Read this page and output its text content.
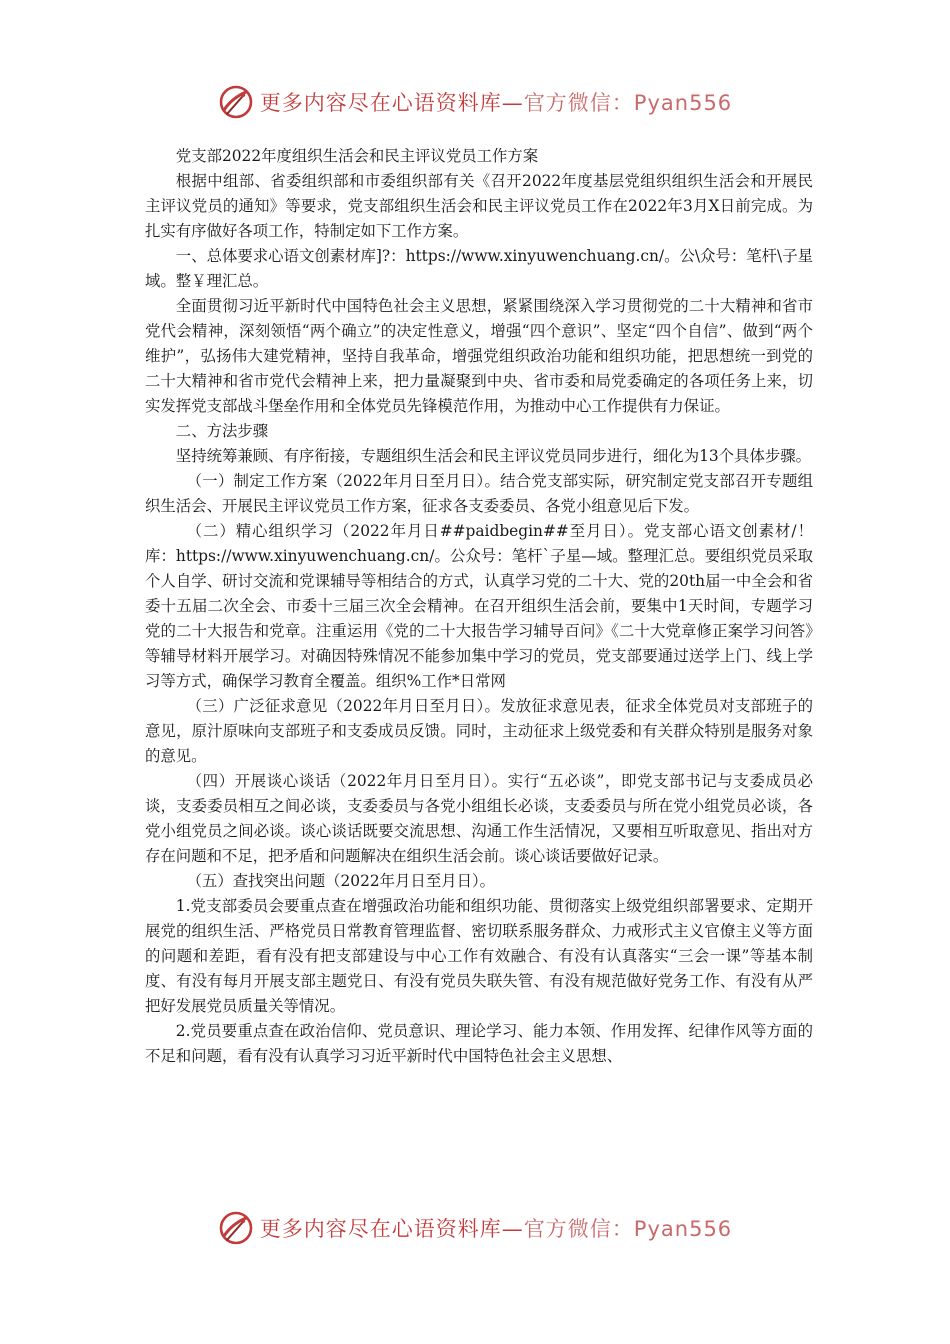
更多内容尽在心语资料库—官方微信：Pyan556

党支部2022年度组织生活会和民主评议党员工作方案

根据中组部、省委组织部和市委组织部有关《召开2022年度基层党组织组织生活会和开展民主评议党员的通知》等要求，党支部组织生活会和民主评议党员工作在2022年3月X日前完成。为扎实有序做好各项工作，特制定如下工作方案。

一、总体要求心语文创素材库]?：https://www.xinyuwenchuang.cn/。公\众号：笔杆\子星域。整￥理汇总。

全面贯彻习近平新时代中国特色社会主义思想，紧紧围绕深入学习贯彻党的二十大精神和省市党代会精神，深刻领悟“两个确立”的决定性意义，增强“四个意识”、坚定“四个自信”、做到“两个维护”，弘扬伟大建党精神，坚持自我革命，增强党组织政治功能和组织功能，把思想统一到党的二十大精神和省市党代会精神上来，把力量凝聚到中央、省市委和局党委确定的各项任务上来，切实发挥党支部战斗堡垒作用和全体党员先锋模范作用，为推动中心工作提供有力保证。

二、方法步骤

坚持统筹兼顾、有序衔接，专题组织生活会和民主评议党员同步进行，细化为13个具体步骤。

（一）制定工作方案（2022年月日至月日）。结合党支部实际，研究制定党支部召开专题组织生活会、开展民主评议党员工作方案，征求各支委委员、各党小组意见后下发。

（二）精心组织学习（2022年月日##paidbegin##至月日）。党支部心语文创素材/！库：https://www.xinyuwenchuang.cn/。公众号：笔杆`子星—域。整理汇总。要组织党员采取个人自学、研讨交流和党课辅导等相结合的方式，认真学习党的二十大、党的20th届一中全会和省委十五届二次全会、市委十三届三次全会精神。在召开组织生活会前，要集中1天时间，专题学习党的二十大报告和党章。注重运用《党的二十大报告学习辅导百问》《二十大党章修正案学习问答》等辅导材料开展学习。对确因特殊情况不能参加集中学习的党员，党支部要通过送学上门、线上学习等方式，确保学习教育全覆盖。组织%工作*日常网

（三）广泛征求意见（2022年月日至月日）。发放征求意见表，征求全体党员对支部班子的意见，原汁原味向支部班子和支委成员反馈。同时，主动征求上级党委和有关群众特别是服务对象的意见。

（四）开展谈心谈话（2022年月日至月日）。实行“五必谈”，即党支部书记与支委成员必谈，支委委员相互之间必谈，支委委员与各党小组组长必谈，支委委员与所在党小组党员必谈，各党小组党员之间必谈。谈心谈话既要交流思想、沟通工作生活情况，又要相互听取意见、指出对方存在问题和不足，把矛盾和问题解决在组织生活会前。谈心谈话要做好记录。

（五）查找突出问题（2022年月日至月日）。

1.党支部委员会要重点查在增强政治功能和组织功能、贯彻落实上级党组织部署要求、定期开展党的组织生活、严格党员日常教育管理监督、密切联系服务群众、力戒形式主义官僚主义等方面的问题和差距，看有没有把支部建设与中心工作有效融合、有没有认真落实“三会一课”等基本制度、有没有每月开展支部主题党日、有没有党员失联失管、有没有规范做好党务工作、有没有从严把好发展党员质量关等情况。

2.党员要重点查在政治信仰、党员意识、理论学习、能力本领、作用发挥、纪律作风等方面的不足和问题，看有没有认真学习习近平新时代中国特色社会主义思想、

更多内容尽在心语资料库—官方微信：Pyan556
